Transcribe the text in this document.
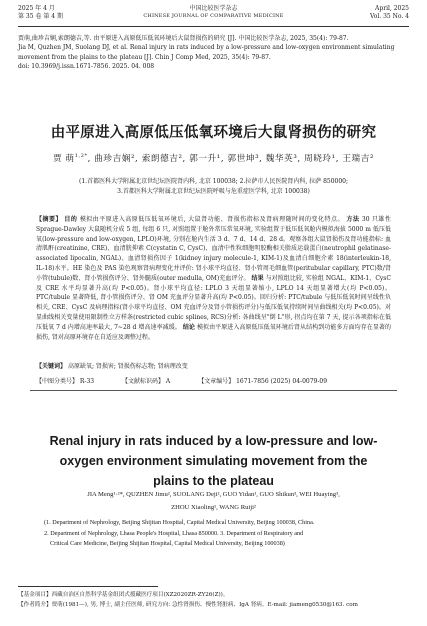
2025 年 4 月
第 35 卷 第 4 期
中国比较医学杂志
CHINESE JOURNAL OF COMPARATIVE MEDICINE
April, 2025
Vol. 35 No. 4
贾萌,曲珍吉娴,索朗德吉,等. 由平原进入高原低压低氧环境后大鼠肾损伤的研究 [J]. 中国比较医学杂志, 2025, 35(4): 79-87.
Jia M, Quzhen JM, Suolang DJ, et al. Renal injury in rats induced by a low-pressure and low-oxygen environment simulating movement from the plains to the plateau [J]. Chin J Comp Med, 2025, 35(4): 79-87.
doi: 10.3969/j.issn.1671-7856. 2025. 04. 008
由平原进入高原低压低氧环境后大鼠肾损伤的研究
贾 萌$^{1,2*}$, 曲珍吉娴², 索朗德吉², 郭一升¹, 郭世坤³, 魏华英³, 周晓玲¹, 王瑞吉²
(1.首都医科大学附属北京世纪坛医院肾内科, 北京 100038; 2.拉萨市人民医院肾内科, 拉萨 850000;
3.首都医科大学附属北京世纪坛医院呼吸与危重症医学科, 北京 100038)
【摘要】 目的 模拟由平原进入高原低压低氧环境后, 大鼠肾功能、肾损伤指标及肾病理随时间的变化特点。 方法 30 只雄性 Sprague-Dawley 大鼠随机分成 5 组, 每组 6 只, 对照组置于舱外常压常氧环境, 实验组置于低压低氧舱内模拟海拔 5000 m 低压低氧(low-pressure and low-oxygen, LPLO)环境, 分别在舱内生活 3 d、7 d、14 d、28 d。观察各组大鼠肾损伤及肾功能指标: 血清肌酐(creatinine, CRE)、血清胱抑素 C(cystatin C, CysC)、血清中性粒细胞明胶酶相关脂质运载蛋白(neutrophil gelatinase-associated lipocalin, NGAL)、血清肾损伤因子 1(kidney injury molecule-1, KIM-1)及血清白细胞介素 18(interleukin-18, IL-18)水平。HE 染色及 PAS 染色观察肾病理变化并评价: 肾小球平均直径、肾小管周毛细血管(peritubular capillary, PTC)数/肾小管(tubule)数、肾小管损伤评分、肾外髓质(outer medulla, OM)充血评分。 结果 与对照组比较, 实验组 NGAL、KIM-1、CysC 及 CRE 水平均显著升高(均 P<0.05)。肾小球平均直径: LPLO 3 天组显著缩小, LPLO 14 天组显著增大(均 P<0.05)。PTC/tubule 显著降低, 肾小管损伤评分、肾 OM 充血评分显著升高(均 P<0.05)。回归分析: PTC/tubule 与低压低氧时间呈线性负相关, CRE、CysC 及病理指标(肾小球平均直径、OM 充血评分及肾小管损伤评分)与低压低氧持续时间呈曲线相关(均 P<0.05)。对显曲线相关变量使用限制性立方样条(restricted cubic splines, RCS)分析: 各曲线呈"倒 L"形, 拐点均在第 7 天, 提示各项指标在低压低氧 7 d 内增高速率最大, 7~28 d 增高速率减缓。 结论 模拟由平原进入高原低压低氧环境后肾从结构到功能多方面均存在显著的损伤, 肾对高原环境存在自适应及调整过程。
【关键词】 高原缺氧; 肾损害; 肾损伤标志物; 肾病理改变
【中图分类号】 R-33	【文献标识码】 A	【文章编号】 1671-7856 (2025) 04-0079-09
Renal injury in rats induced by a low-pressure and low-oxygen environment simulating movement from the plains to the plateau
JIA Meng¹·²*, QUZHEN Jimu², SUOLANG Deji², GUO Yidan¹, GUO Shikun³, WEI Huaying³,
ZHOU Xiaoling¹, WANG Ruiji²
(1. Department of Nephrology, Beijing Shijitan Hospital, Capital Medical University, Beijing 100038, China.
2. Department of Nephrology, Lhasa People's Hospital, Lhasa 850000. 3. Department of Respiratory and
Critical Care Medicine, Beijing Shijitan Hospital, Capital Medical University, Beijing 100038)
【基金项目】西藏自治区自然科学基金组团式援藏医疗项目(XZ2020ZR-ZY26(Z))。
【作者简介】贾萌(1981—), 男, 博士, 副主任医师, 研究方向: 急性肾损伤、慢性肾脏病、IgA 肾病。E-mail: jiameng0530@163. com
